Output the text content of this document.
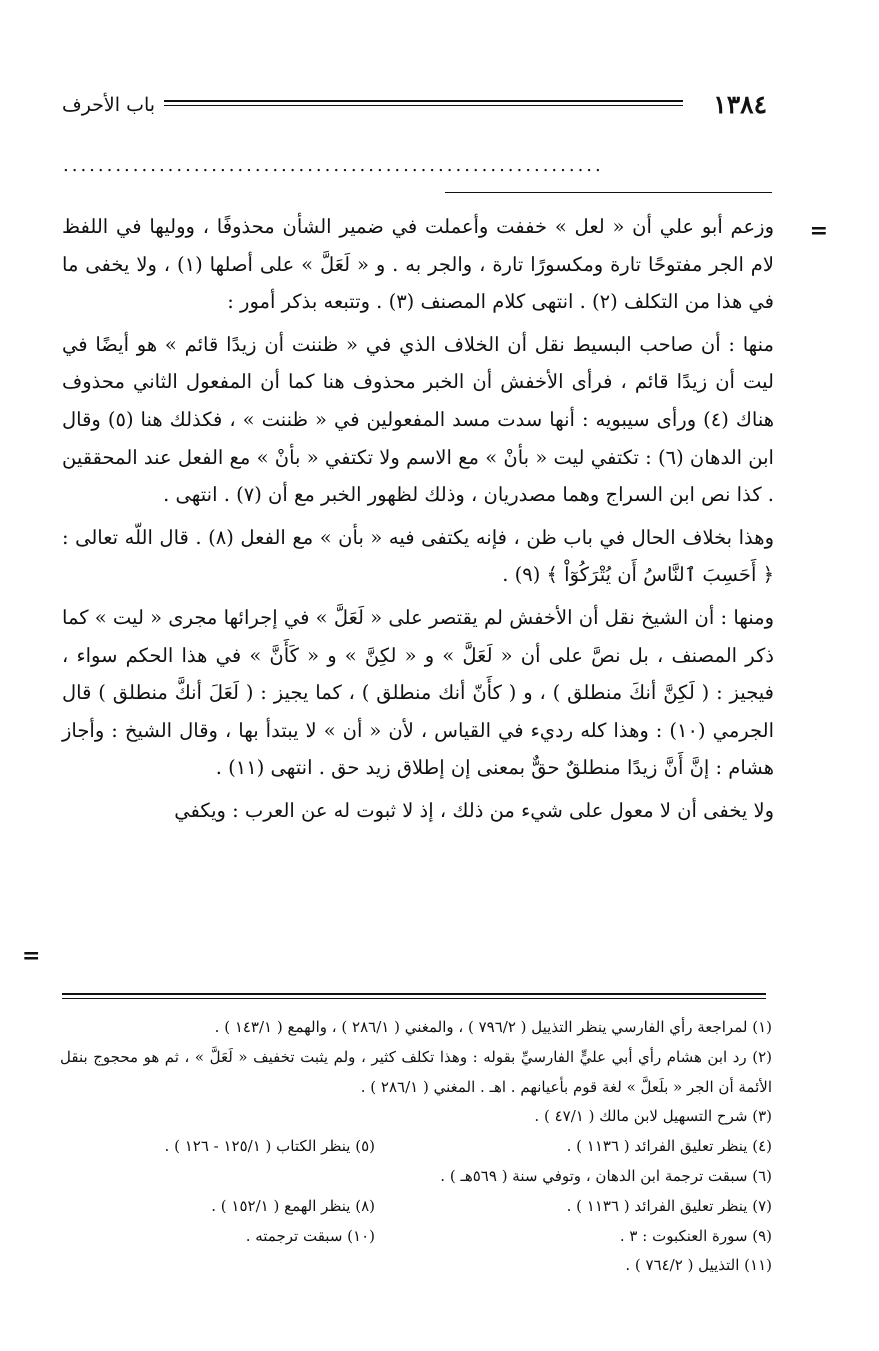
١٣٨٤
باب الأحرف
..............................................................
=
=

وزعم أبو علي أن « لعل » خففت وأعملت في ضمير الشأن محذوفًا ، ووليها في اللفظ لام الجر مفتوحًا تارة ومكسورًا تارة ، والجر به . و « لَعَلَّ » على أصلها (١) ، ولا يخفى ما في هذا من التكلف (٢) . انتهى كلام المصنف (٣) . وتتبعه بذكر أمور :

منها : أن صاحب البسيط نقل أن الخلاف الذي في « ظننت أن زيدًا قائم » هو أيضًا في ليت أن زيدًا قائم ، فرأى الأخفش أن الخبر محذوف هنا كما أن المفعول الثاني محذوف هناك (٤) ورأى سيبويه : أنها سدت مسد المفعولين في « ظننت » ، فكذلك هنا (٥) وقال ابن الدهان (٦) : تكتفي ليت « بأنْ » مع الاسم ولا تكتفي « بأنْ » مع الفعل عند المحققين . كذا نص ابن السراج وهما مصدريان ، وذلك لظهور الخبر مع أن (٧) . انتهى .

وهذا بخلاف الحال في باب ظن ، فإنه يكتفى فيه « بأن » مع الفعل (٨) . قال اللّه تعالى : ﴿ أَحَسِبَ ٱلنَّاسُ أَن يُتْرَكُوٓاْ ﴾ (٩) .

ومنها : أن الشيخ نقل أن الأخفش لم يقتصر على « لَعَلَّ » في إجرائها مجرى « ليت » كما ذكر المصنف ، بل نصَّ على أن « لَعَلَّ » و « لكِنَّ » و « كَأَنَّ » في هذا الحكم سواء ، فيجيز : ( لَكِنَّ أنكَ منطلق ) ، و ( كأَنّ أنك منطلق ) ، كما يجيز : ( لَعَلَ أنكَّ منطلق ) قال الجرمي (١٠) : وهذا كله رديء في القياس ، لأن « أن » لا يبتدأ بها ، وقال الشيخ : وأجاز هشام : إنَّ أَنَّ زيدًا منطلقٌ حقٌّ بمعنى إن إطلاق زيد حق . انتهى (١١) .

ولا يخفى أن لا معول على شيء من ذلك ، إذ لا ثبوت له عن العرب : ويكفي

(١) لمراجعة رأي الفارسي ينظر التذييل ( ٧٩٦/٢ ) ، والمغني ( ٢٨٦/١ ) ، والهمع ( ١٤٣/١ ) .

(٢) رد ابن هشام رأي أبي عليٍّ الفارسيِّ بقوله : وهذا تكلف كثير ، ولم يثبت تخفيف « لَعَلَّ » ، ثم هو محجوج بنقل الأئمة أن الجر « بلَعلَّ » لغة قوم بأعيانهم . اهـ . المغني ( ٢٨٦/١ ) .

(٣) شرح التسهيل لابن مالك ( ٤٧/١ ) .

(٤) ينظر تعليق الفرائد ( ١١٣٦ ) .
(٥) ينظر الكتاب ( ١٢٥/١ - ١٢٦ ) .

(٦) سبقت ترجمة ابن الدهان ، وتوفي سنة ( ٥٦٩هـ ) .

(٧) ينظر تعليق الفرائد ( ١١٣٦ ) .
(٨) ينظر الهمع ( ١٥٢/١ ) .
(٩) سورة العنكبوت : ٣ .
(١٠) سبقت ترجمته .

(١١) التذييل ( ٧٦٤/٢ ) .
